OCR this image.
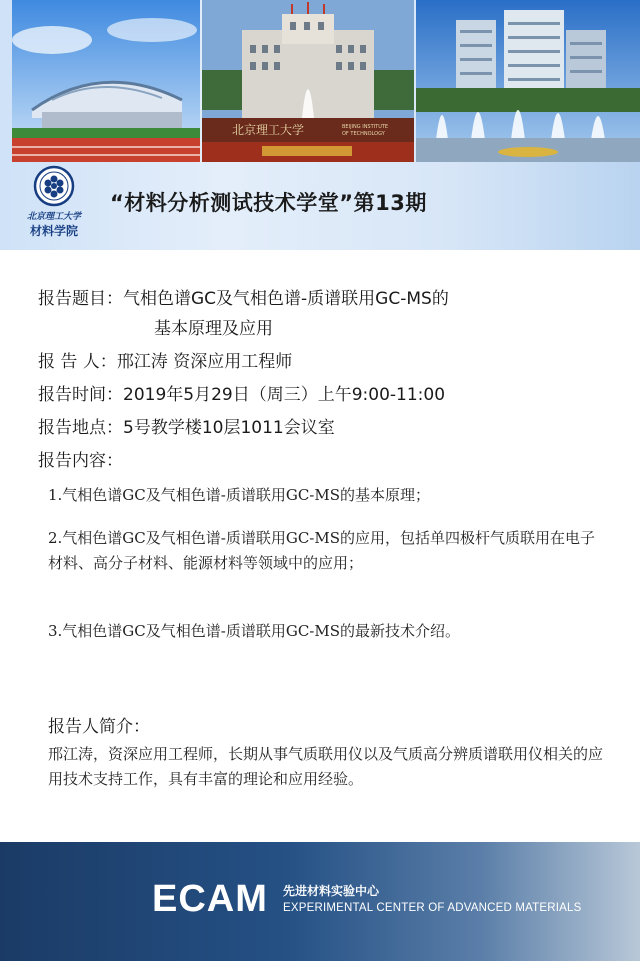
北京理工大学	BEIJING INSTITUTE
OF TECHNOLOGY
北京理工大学
材料学院
“材料分析测试技术学堂”第13期
报告题目：气相色谱GC及气相色谱-质谱联用GC-MS的
基本原理及应用
报 告 人：邢江涛 资深应用工程师
报告时间：2019年5月29日（周三）上午9:00-11:00
报告地点：5号教学楼10层1011会议室
报告内容：
1.气相色谱GC及气相色谱-质谱联用GC-MS的基本原理；
2.气相色谱GC及气相色谱-质谱联用GC-MS的应用，包括单四极杆气质联用在电子材料、高分子材料、能源材料等领域中的应用；
3.气相色谱GC及气相色谱-质谱联用GC-MS的最新技术介绍。
报告人简介：
邢江涛，资深应用工程师，长期从事气质联用仪以及气质高分辨质谱联用仪相关的应用技术支持工作，具有丰富的理论和应用经验。
ECAM 先进材料实验中心
EXPERIMENTAL CENTER OF ADVANCED MATERIALS
